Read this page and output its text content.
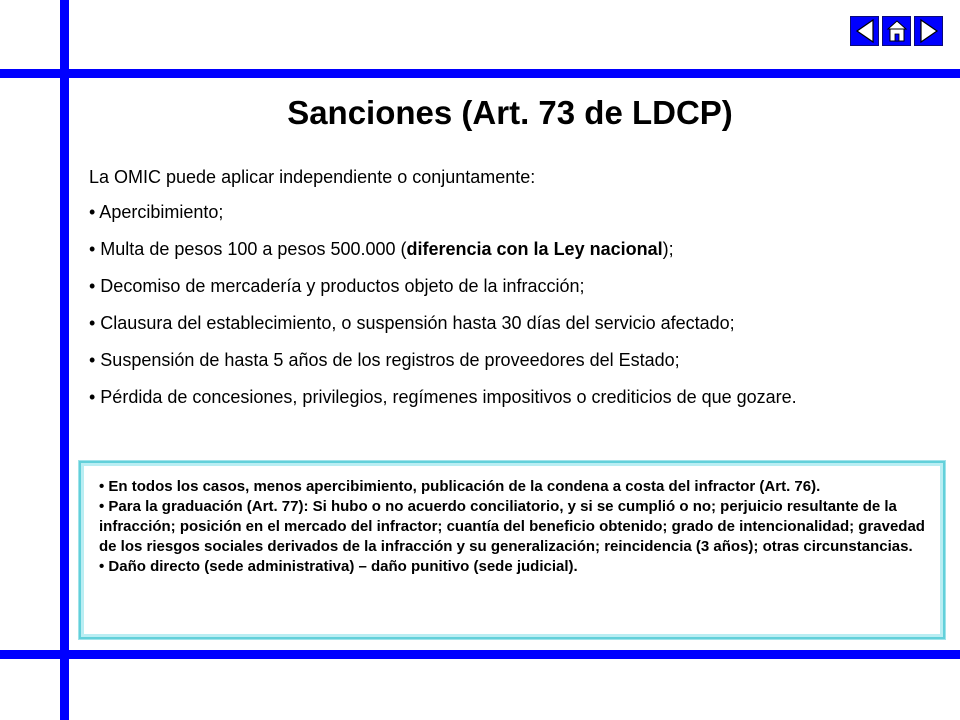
Sanciones (Art. 73 de LDCP)
La OMIC puede aplicar independiente o conjuntamente:
• Apercibimiento;
• Multa de pesos 100 a pesos 500.000 (diferencia con la Ley nacional);
• Decomiso de mercadería y productos objeto de la infracción;
• Clausura del establecimiento, o suspensión hasta 30 días del servicio afectado;
• Suspensión de hasta 5 años de los registros de proveedores del Estado;
• Pérdida de concesiones, privilegios, regímenes impositivos o crediticios de que gozare.

• En todos los casos, menos apercibimiento, publicación de la condena a costa del infractor (Art. 76).

• Para la graduación (Art. 77): Si hubo o no acuerdo conciliatorio, y si se cumplió o no; perjuicio resultante de la infracción; posición en el mercado del infractor; cuantía del beneficio obtenido; grado de intencionalidad; gravedad de los riesgos sociales derivados de la infracción y su generalización; reincidencia (3 años); otras circunstancias.

• Daño directo (sede administrativa) – daño punitivo (sede judicial).
